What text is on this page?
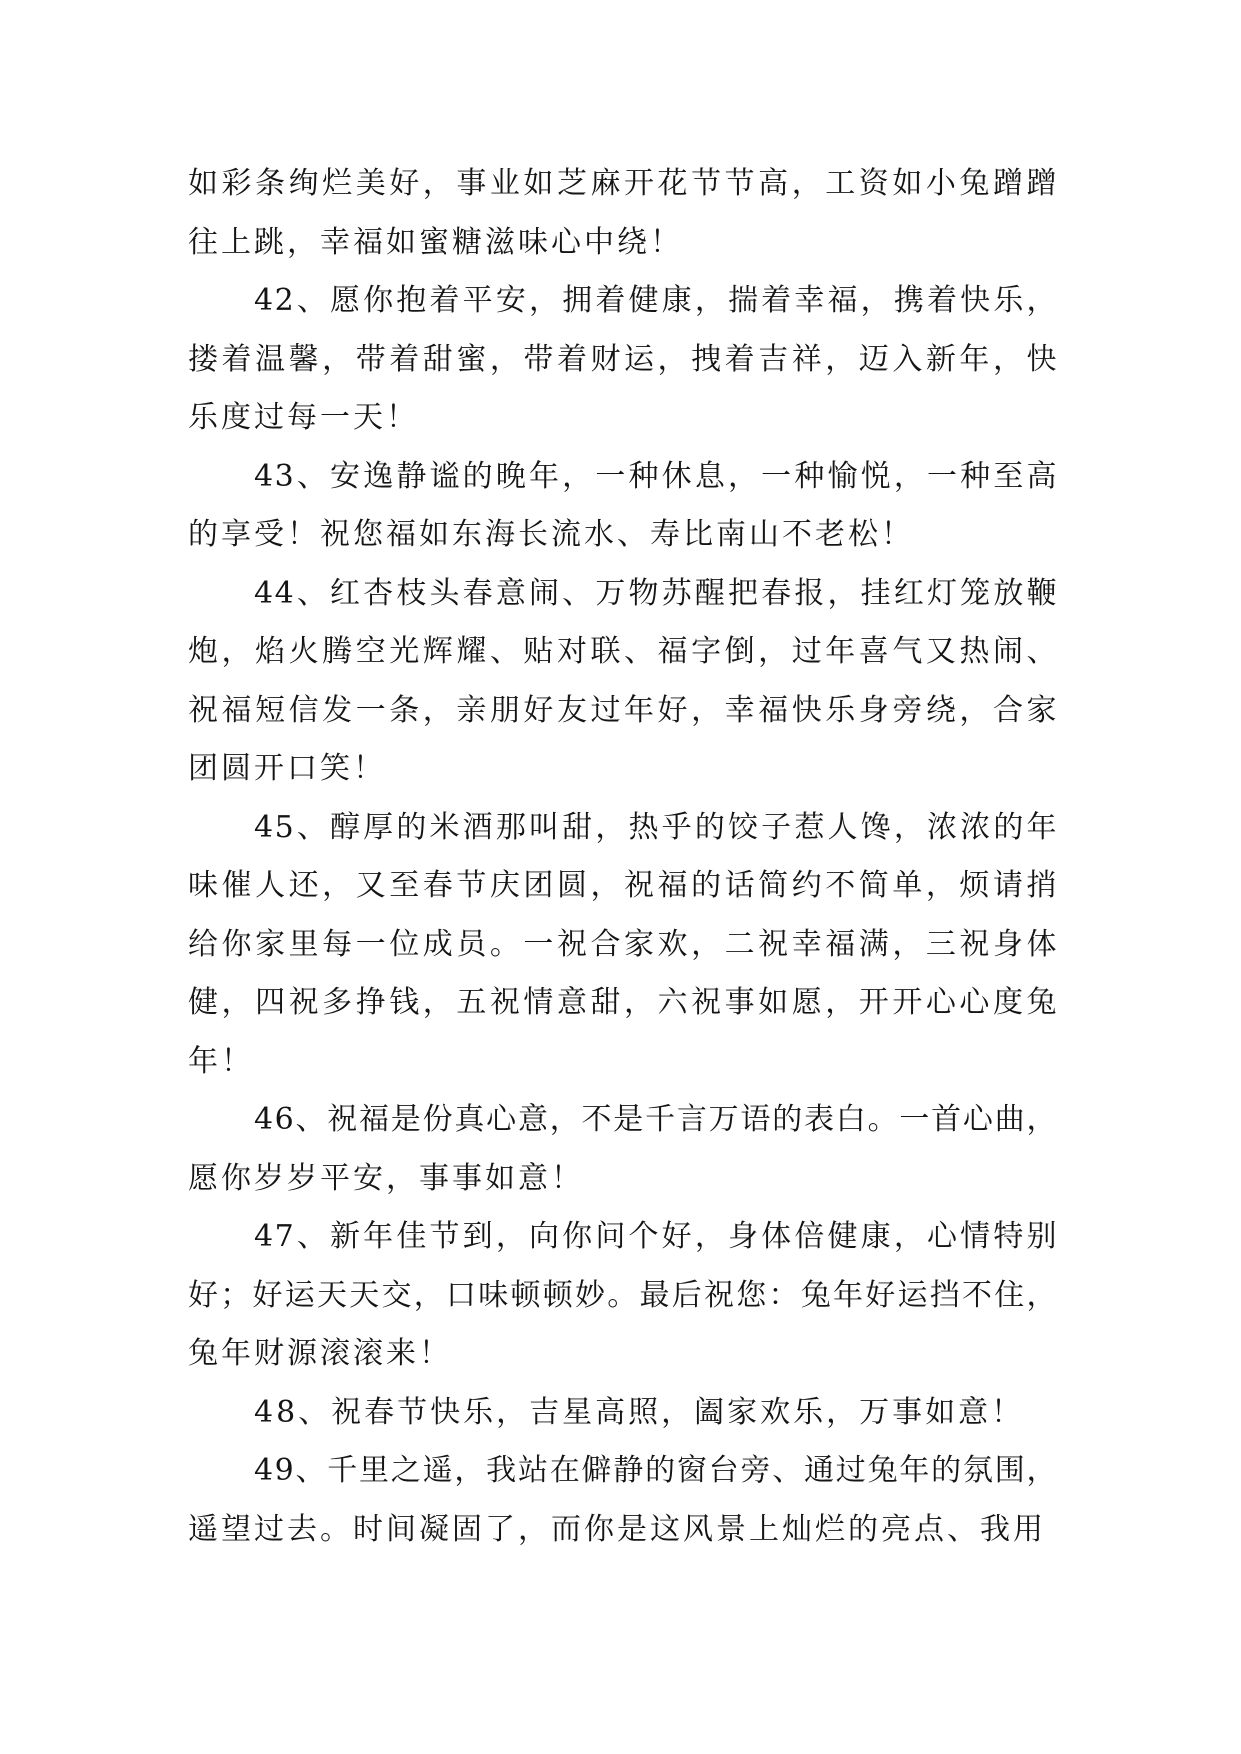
如彩条绚烂美好，事业如芝麻开花节节高，工资如小兔蹭蹭
往上跳，幸福如蜜糖滋味心中绕！
42、愿你抱着平安，拥着健康，揣着幸福，携着快乐，
搂着温馨，带着甜蜜，带着财运，拽着吉祥，迈入新年，快
乐度过每一天！
43、安逸静谧的晚年，一种休息，一种愉悦，一种至高
的享受！祝您福如东海长流水、寿比南山不老松！
44、红杏枝头春意闹、万物苏醒把春报，挂红灯笼放鞭
炮，焰火腾空光辉耀、贴对联、福字倒，过年喜气又热闹、
祝福短信发一条，亲朋好友过年好，幸福快乐身旁绕，合家
团圆开口笑！
45、醇厚的米酒那叫甜，热乎的饺子惹人馋，浓浓的年
味催人还，又至春节庆团圆，祝福的话简约不简单，烦请捎
给你家里每一位成员。一祝合家欢，二祝幸福满，三祝身体
健，四祝多挣钱，五祝情意甜，六祝事如愿，开开心心度兔
年！
46、祝福是份真心意，不是千言万语的表白。一首心曲，
愿你岁岁平安，事事如意！
47、新年佳节到，向你问个好，身体倍健康，心情特别
好；好运天天交，口味顿顿妙。最后祝您：兔年好运挡不住，
兔年财源滚滚来！
48、祝春节快乐，吉星高照，阖家欢乐，万事如意！
49、千里之遥，我站在僻静的窗台旁、通过兔年的氛围，
遥望过去。时间凝固了，而你是这风景上灿烂的亮点、我用
